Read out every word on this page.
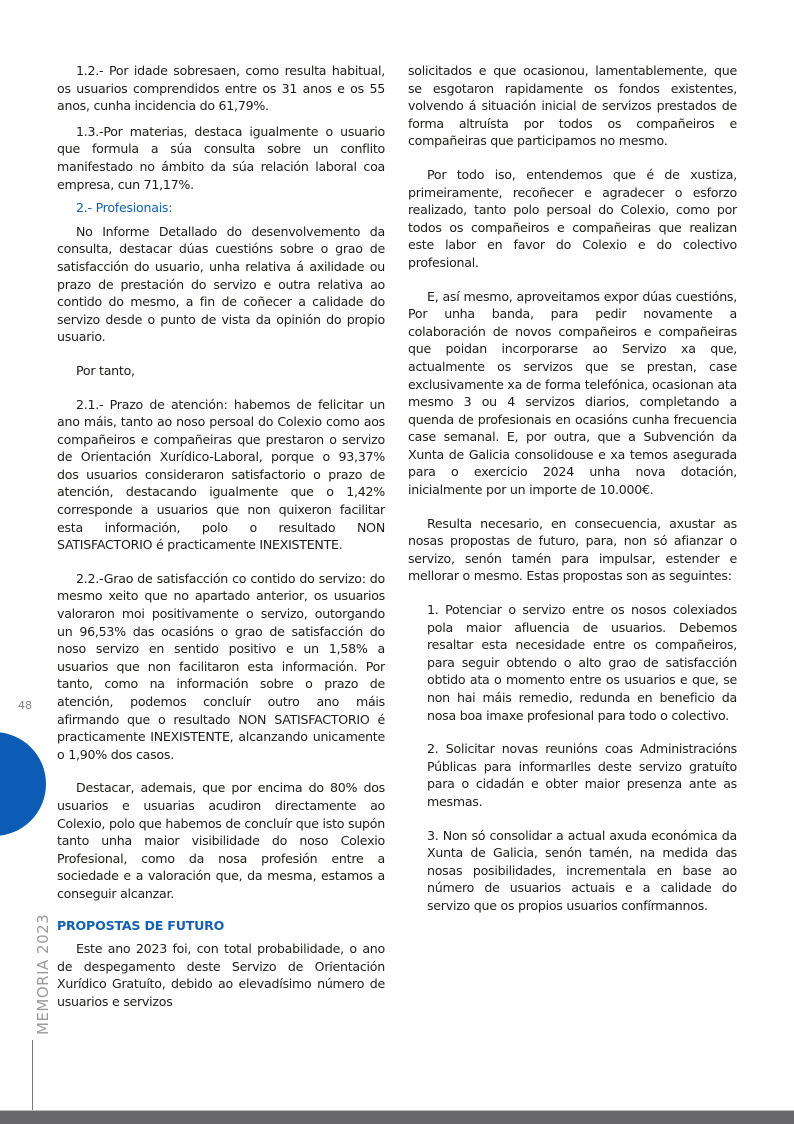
1.2.- Por idade sobresaen, como resulta habitual, os usuarios comprendidos entre os 31 anos e os 55 anos, cunha incidencia do 61,79%.

1.3.-Por materias, destaca igualmente o usuario que formula a súa consulta sobre un conflito manifestado no ámbito da súa relación laboral coa empresa, cun 71,17%.

2.- Profesionais:

No Informe Detallado do desenvolvemento da consulta, destacar dúas cuestións sobre o grao de satisfacción do usuario, unha relativa á axilidade ou prazo de prestación do servizo e outra relativa ao contido do mesmo, a fin de coñecer a calidade do servizo desde o punto de vista da opinión do propio usuario.

Por tanto,

2.1.- Prazo de atención: habemos de felicitar un ano máis, tanto ao noso persoal do Colexio como aos compañeiros e compañeiras que prestaron o servizo de Orientación Xurídico-Laboral, porque o 93,37% dos usuarios consideraron satisfactorio o prazo de atención, destacando igualmente que o 1,42% corresponde a usuarios que non quixeron facilitar esta información, polo o resultado NON SATISFACTORIO é practicamente INEXISTENTE.

2.2.-Grao de satisfacción co contido do servizo: do mesmo xeito que no apartado anterior, os usuarios valoraron moi positivamente o servizo, outorgando un 96,53% das ocasións o grao de satisfacción do noso servizo en sentido positivo e un 1,58% a usuarios que non facilitaron esta información. Por tanto, como na información sobre o prazo de atención, podemos concluír outro ano máis afirmando que o resultado NON SATISFACTORIO é practicamente INEXISTENTE, alcanzando unicamente o 1,90% dos casos.

Destacar, ademais, que por encima do 80% dos usuarios e usuarias acudiron directamente ao Colexio, polo que habemos de concluír que isto supón tanto unha maior visibilidade do noso Colexio Profesional, como da nosa profesión entre a sociedade e a valoración que, da mesma, estamos a conseguir alcanzar.

PROPOSTAS DE FUTURO

Este ano 2023 foi, con total probabilidade, o ano de despegamento deste Servizo de Orientación Xurídico Gratuíto, debido ao elevadísimo número de usuarios e servizos

solicitados e que ocasionou, lamentablemente, que se esgotaron rapidamente os fondos existentes, volvendo á situación inicial de servizos prestados de forma altruísta por todos os compañeiros e compañeiras que participamos no mesmo.

Por todo iso, entendemos que é de xustiza, primeiramente, recoñecer e agradecer o esforzo realizado, tanto polo persoal do Colexio, como por todos os compañeiros e compañeiras que realizan este labor en favor do Colexio e do colectivo profesional.

E, así mesmo, aproveitamos expor dúas cuestións, Por unha banda, para pedir novamente a colaboración de novos compañeiros e compañeiras que poidan incorporarse ao Servizo xa que, actualmente os servizos que se prestan, case exclusivamente xa de forma telefónica, ocasionan ata mesmo 3 ou 4 servizos diarios, completando a quenda de profesionais en ocasións cunha frecuencia case semanal. E, por outra, que a Subvención da Xunta de Galicia consolidouse e xa temos asegurada para o exercicio 2024 unha nova dotación, inicialmente por un importe de 10.000€.

Resulta necesario, en consecuencia, axustar as nosas propostas de futuro, para, non só afianzar o servizo, senón tamén para impulsar, estender e mellorar o mesmo. Estas propostas son as seguintes:

1. Potenciar o servizo entre os nosos colexiados pola maior afluencia de usuarios. Debemos resaltar esta necesidade entre os compañeiros, para seguir obtendo o alto grao de satisfacción obtido ata o momento entre os usuarios e que, se non hai máis remedio, redunda en beneficio da nosa boa imaxe profesional para todo o colectivo.

2. Solicitar novas reunións coas Administracións Públicas para informarlles deste servizo gratuíto para o cidadán e obter maior presenza ante as mesmas.

3. Non só consolidar a actual axuda económica da Xunta de Galicia, senón tamén, na medida das nosas posibilidades, incrementala en base ao número de usuarios actuais e a calidade do servizo que os propios usuarios confírmannos.

48
MEMORIA 2023
